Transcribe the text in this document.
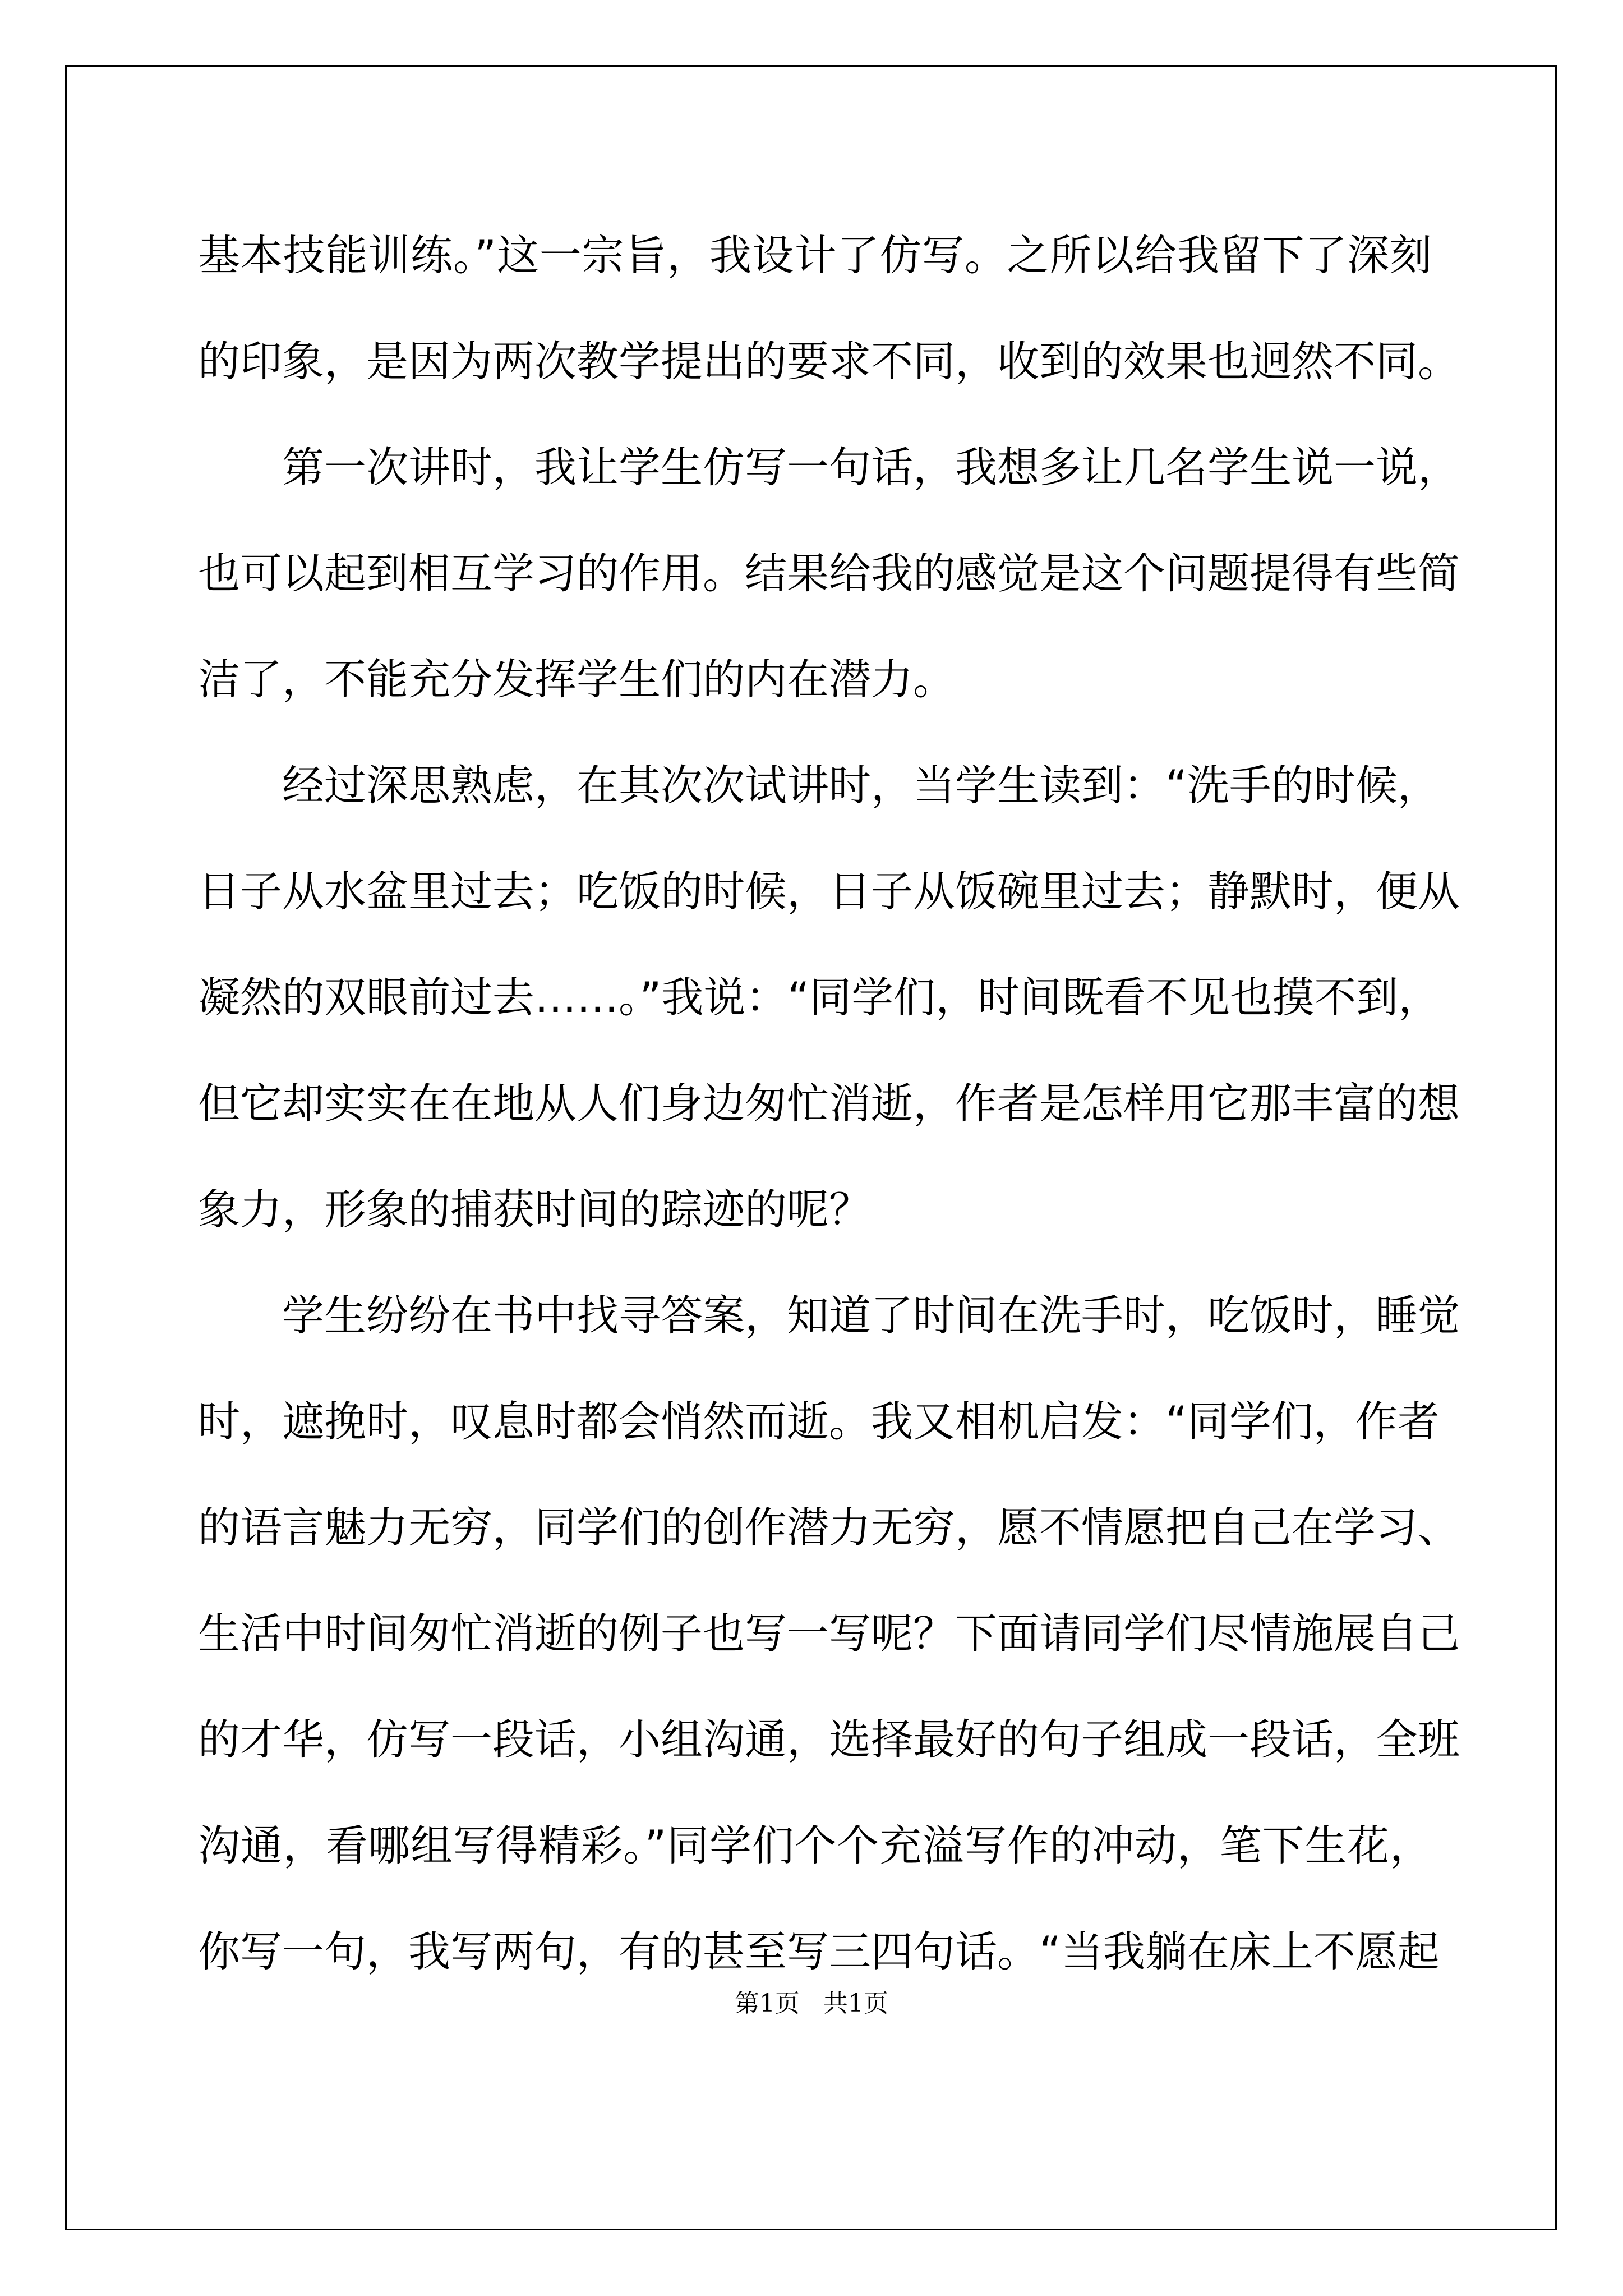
基本技能训练。”这一宗旨，我设计了仿写。之所以给我留下了深刻
的印象，是因为两次教学提出的要求不同，收到的效果也迥然不同。
第一次讲时，我让学生仿写一句话，我想多让几名学生说一说，
也可以起到相互学习的作用。结果给我的感觉是这个问题提得有些简
洁了，不能充分发挥学生们的内在潜力。
经过深思熟虑，在其次次试讲时，当学生读到：“洗手的时候，
日子从水盆里过去；吃饭的时候，日子从饭碗里过去；静默时，便从
凝然的双眼前过去……。”我说：“同学们，时间既看不见也摸不到，
但它却实实在在地从人们身边匆忙消逝，作者是怎样用它那丰富的想
象力，形象的捕获时间的踪迹的呢？
学生纷纷在书中找寻答案，知道了时间在洗手时，吃饭时，睡觉
时，遮挽时，叹息时都会悄然而逝。我又相机启发：“同学们，作者
的语言魅力无穷，同学们的创作潜力无穷，愿不情愿把自己在学习、
生活中时间匆忙消逝的例子也写一写呢？下面请同学们尽情施展自己
的才华，仿写一段话，小组沟通，选择最好的句子组成一段话，全班
沟通，看哪组写得精彩。”同学们个个充溢写作的冲动，笔下生花，
你写一句，我写两句，有的甚至写三四句话。“当我躺在床上不愿起
第1页   共1页
